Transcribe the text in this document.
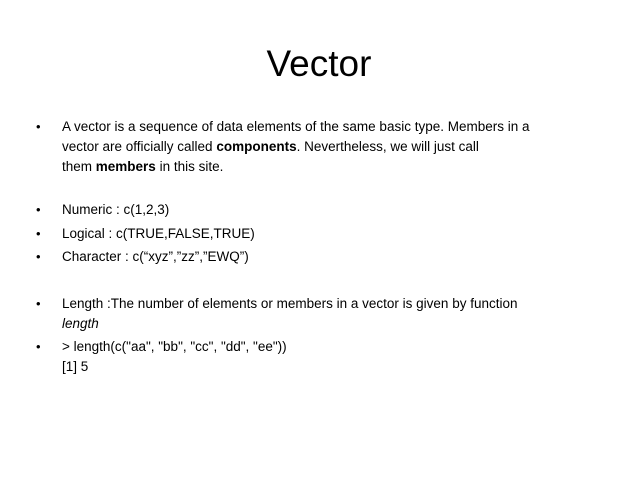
Vector
• A vector is a sequence of data elements of the same basic type. Members in a
vector are officially called components. Nevertheless, we will just call
them members in this site.
• Numeric : c(1,2,3)
• Logical : c(TRUE,FALSE,TRUE)
• Character : c(“xyz”,”zz”,”EWQ”)
• Length :The number of elements or members in a vector is given by function
length
• > length(c("aa", "bb", "cc", "dd", "ee"))
[1] 5
